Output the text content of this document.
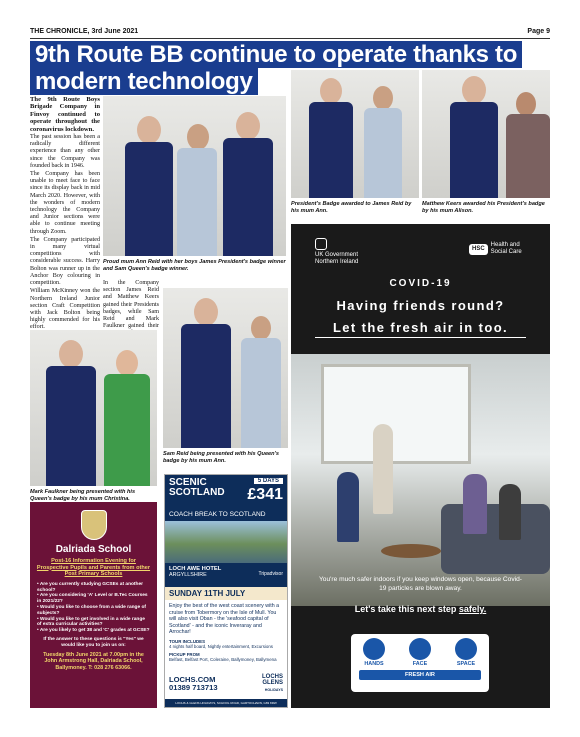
THE CHRONICLE, 3rd June 2021	Page 9
9th Route BB continue to operate thanks to
modern technology

The 9th Route Boys Brigade Company in Finvoy continued to operate throughout the coronavirus lockdown.

The past session has been a radically different experience than any other since the Company was founded back in 1946.

The Company has been unable to meet face to face since its display back in mid March 2020. However, with the wonders of modern technology the Company and Junior sections were able to continue meeting through Zoom.

The Company participated in many virtual competitions with considerable success. Harry Bolton was runner up in the Anchor Boy colouring in competition.

William McKinney won the Northern Ireland Junior section Craft Competition with Jack Bolton being highly commended for his effort.

Proud mum Ann Reid with her boys James President's badge winner and Sam Queen's badge winner.

In the Company section James Reid and Matthew Keers gained their Presidents badges, while Sam Reid and Mark Faulkner gained their

President's Badge awarded to James Reid by his mum Ann.
Matthew Keers awarded his President's badge by his mum Alison.
Mark Faulkner being presented with his Queen's badge by his mum Christina.
Sam Reid being presented with his Queen's badge by his mum Ann.
UK Government
Northern Ireland
HSC
Health and
Social Care
COVID-19
Having friends round?
Let the fresh air in too.
You're much safer indoors if you keep windows open, because Covid-19 particles are blown away.
Let's take this next step safely.
HANDS	FACE	SPACE
FRESH AIR
SCENIC
SCOTLAND
5 DAYS
£341
COACH BREAK TO SCOTLAND
LOCH AWE HOTEL
ARGYLLSHIRE	Tripadvisor
SUNDAY 11TH JULY
Enjoy the best of the west coast scenery with a cruise from Tobermory on the Isle of Mull. You will also visit Oban - the 'seafood capital of Scotland' - and the iconic Inveraray and Arrochar!
TOUR INCLUDES
4 nights half board, Nightly entertainment, Excursions
PICKUP FROM
Belfast, Belfast Port, Coleraine, Ballymoney, Ballymena
LOCHS.COM
01389 713713
LOCHS
GLENS
HOLIDAYS
LOCHS & GLENS HOLIDAYS, SCHOOL ROAD, GARTOCHARN, G83 8RW
Dalriada School
Post-16 Information Evening for Prospective Pupils and Parents from other Post Primary Schools
• Are you currently studying GCSEs at another school?
• Are you considering 'A' Level or B.Tec Courses in 2021/22?
• Would you like to choose from a wide range of subjects?
• Would you like to get involved in a wide range of extra curricular activities?
• Are you likely to get 38 and 'C' grades at GCSE?
If the answer to these questions is "Yes" we would like you to join us on:
Tuesday 8th June 2021 at 7.00pm in the John Armstrong Hall, Dalriada School, Ballymoney. T: 028 276 63066.
